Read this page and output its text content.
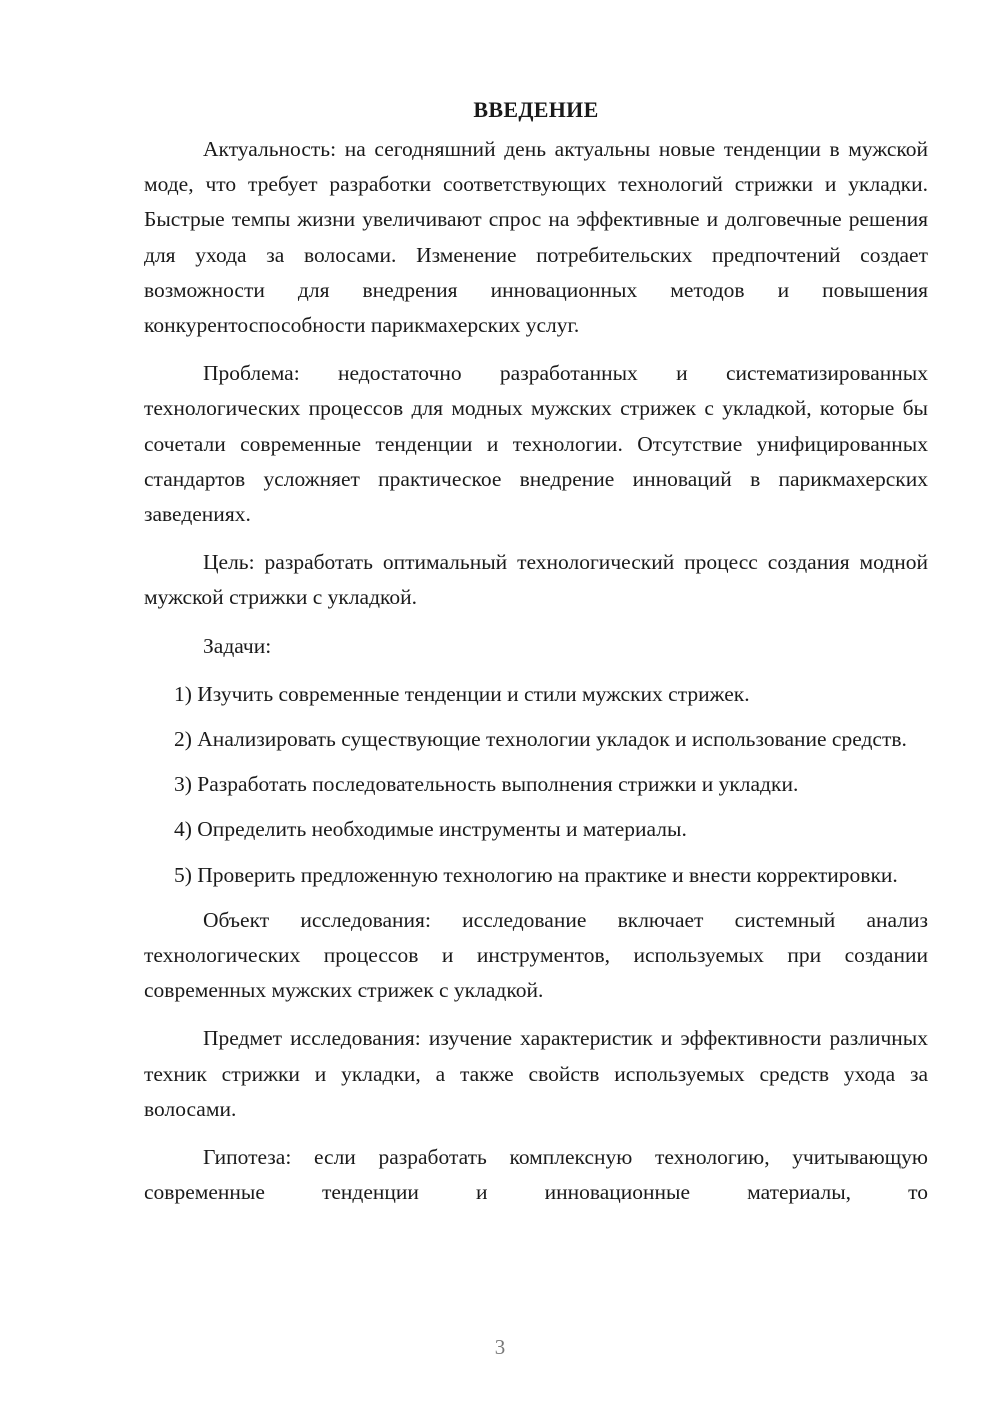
ВВЕДЕНИЕ

Актуальность: на сегодняшний день актуальны новые тенденции в мужской моде, что требует разработки соответствующих технологий стрижки и укладки. Быстрые темпы жизни увеличивают спрос на эффективные и долговечные решения для ухода за волосами. Изменение потребительских предпочтений создает возможности для внедрения инновационных методов и повышения конкурентоспособности парикмахерских услуг.

Проблема: недостаточно разработанных и систематизированных технологических процессов для модных мужских стрижек с укладкой, которые бы сочетали современные тенденции и технологии. Отсутствие унифицированных стандартов усложняет практическое внедрение инноваций в парикмахерских заведениях.

Цель: разработать оптимальный технологический процесс создания модной мужской стрижки с укладкой.

Задачи:

1) Изучить современные тенденции и стили мужских стрижек.

2) Анализировать существующие технологии укладок и использование средств.

3) Разработать последовательность выполнения стрижки и укладки.

4) Определить необходимые инструменты и материалы.

5) Проверить предложенную технологию на практике и внести корректировки.

Объект исследования: исследование включает системный анализ технологических процессов и инструментов, используемых при создании современных мужских стрижек с укладкой.

Предмет исследования: изучение характеристик и эффективности различных техник стрижки и укладки, а также свойств используемых средств ухода за волосами.

Гипотеза: если разработать комплексную технологию, учитывающую современные тенденции и инновационные материалы, то

3
